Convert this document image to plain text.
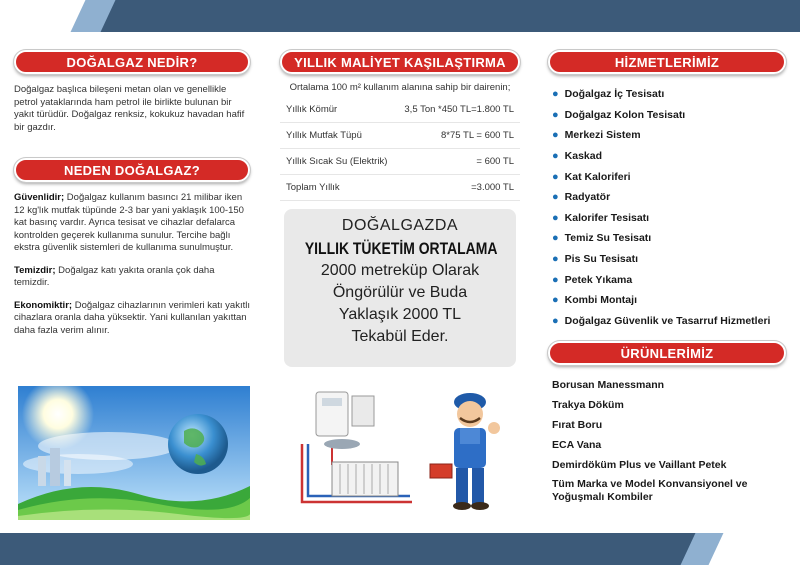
DOĞALGAZ NEDİR?

Doğalgaz başlıca bileşeni metan olan ve genellikle petrol yataklarında ham petrol ile birlikte bulunan bir yakıt türüdür. Doğalgaz renksiz, kokukuz havadan hafif bir gazdır.

NEDEN DOĞALGAZ?

Güvenlidir; Doğalgaz kullanım basıncı 21 milibar iken 12 kg'lık mutfak tüpünde 2-3 bar yani yaklaşık 100-150 kat basınç vardır. Ayrıca tesisat ve cihazlar defalarca kontrolden geçerek kullanıma sunulur. Tercihe bağlı ekstra güvenlik sistemleri de kullanıma sunulmuştur.

Temizdir; Doğalgaz katı yakıta oranla çok daha temizdir.

Ekonomiktir; Doğalgaz cihazlarının verimleri katı yakıtlı cihazlara oranla daha yüksektir. Yani kullanılan yakıttan daha fazla verim alınır.

YILLIK MALİYET KAŞILAŞTIRMA

Ortalama 100 m² kullanım alanına sahip bir dairenin;

Yıllık Kömür	3,5 Ton *450 TL=1.800 TL
Yıllık Mutfak Tüpü	8*75 TL = 600 TL
Yıllık Sıcak Su (Elektrik)	= 600 TL
Toplam Yıllık	=3.000 TL
DOĞALGAZDA
YILLIK TÜKETİM ORTALAMA
2000 metreküp Olarak
Öngörülür ve Buda
Yaklaşık 2000 TL
Tekabül Eder.
HİZMETLERİMİZ
● Doğalgaz İç Tesisatı
● Doğalgaz Kolon Tesisatı
● Merkezi Sistem
● Kaskad
● Kat Kaloriferi
● Radyatör
● Kalorifer Tesisatı
● Temiz Su Tesisatı
● Pis Su Tesisatı
● Petek Yıkama
● Kombi Montajı
● Doğalgaz Güvenlik ve Tasarruf Hizmetleri
ÜRÜNLERİMİZ
Borusan Manessmann
Trakya Döküm
Fırat Boru
ECA Vana
Demirdöküm Plus ve Vaillant Petek
Tüm Marka ve Model Konvansiyonel ve Yoğuşmalı Kombiler
